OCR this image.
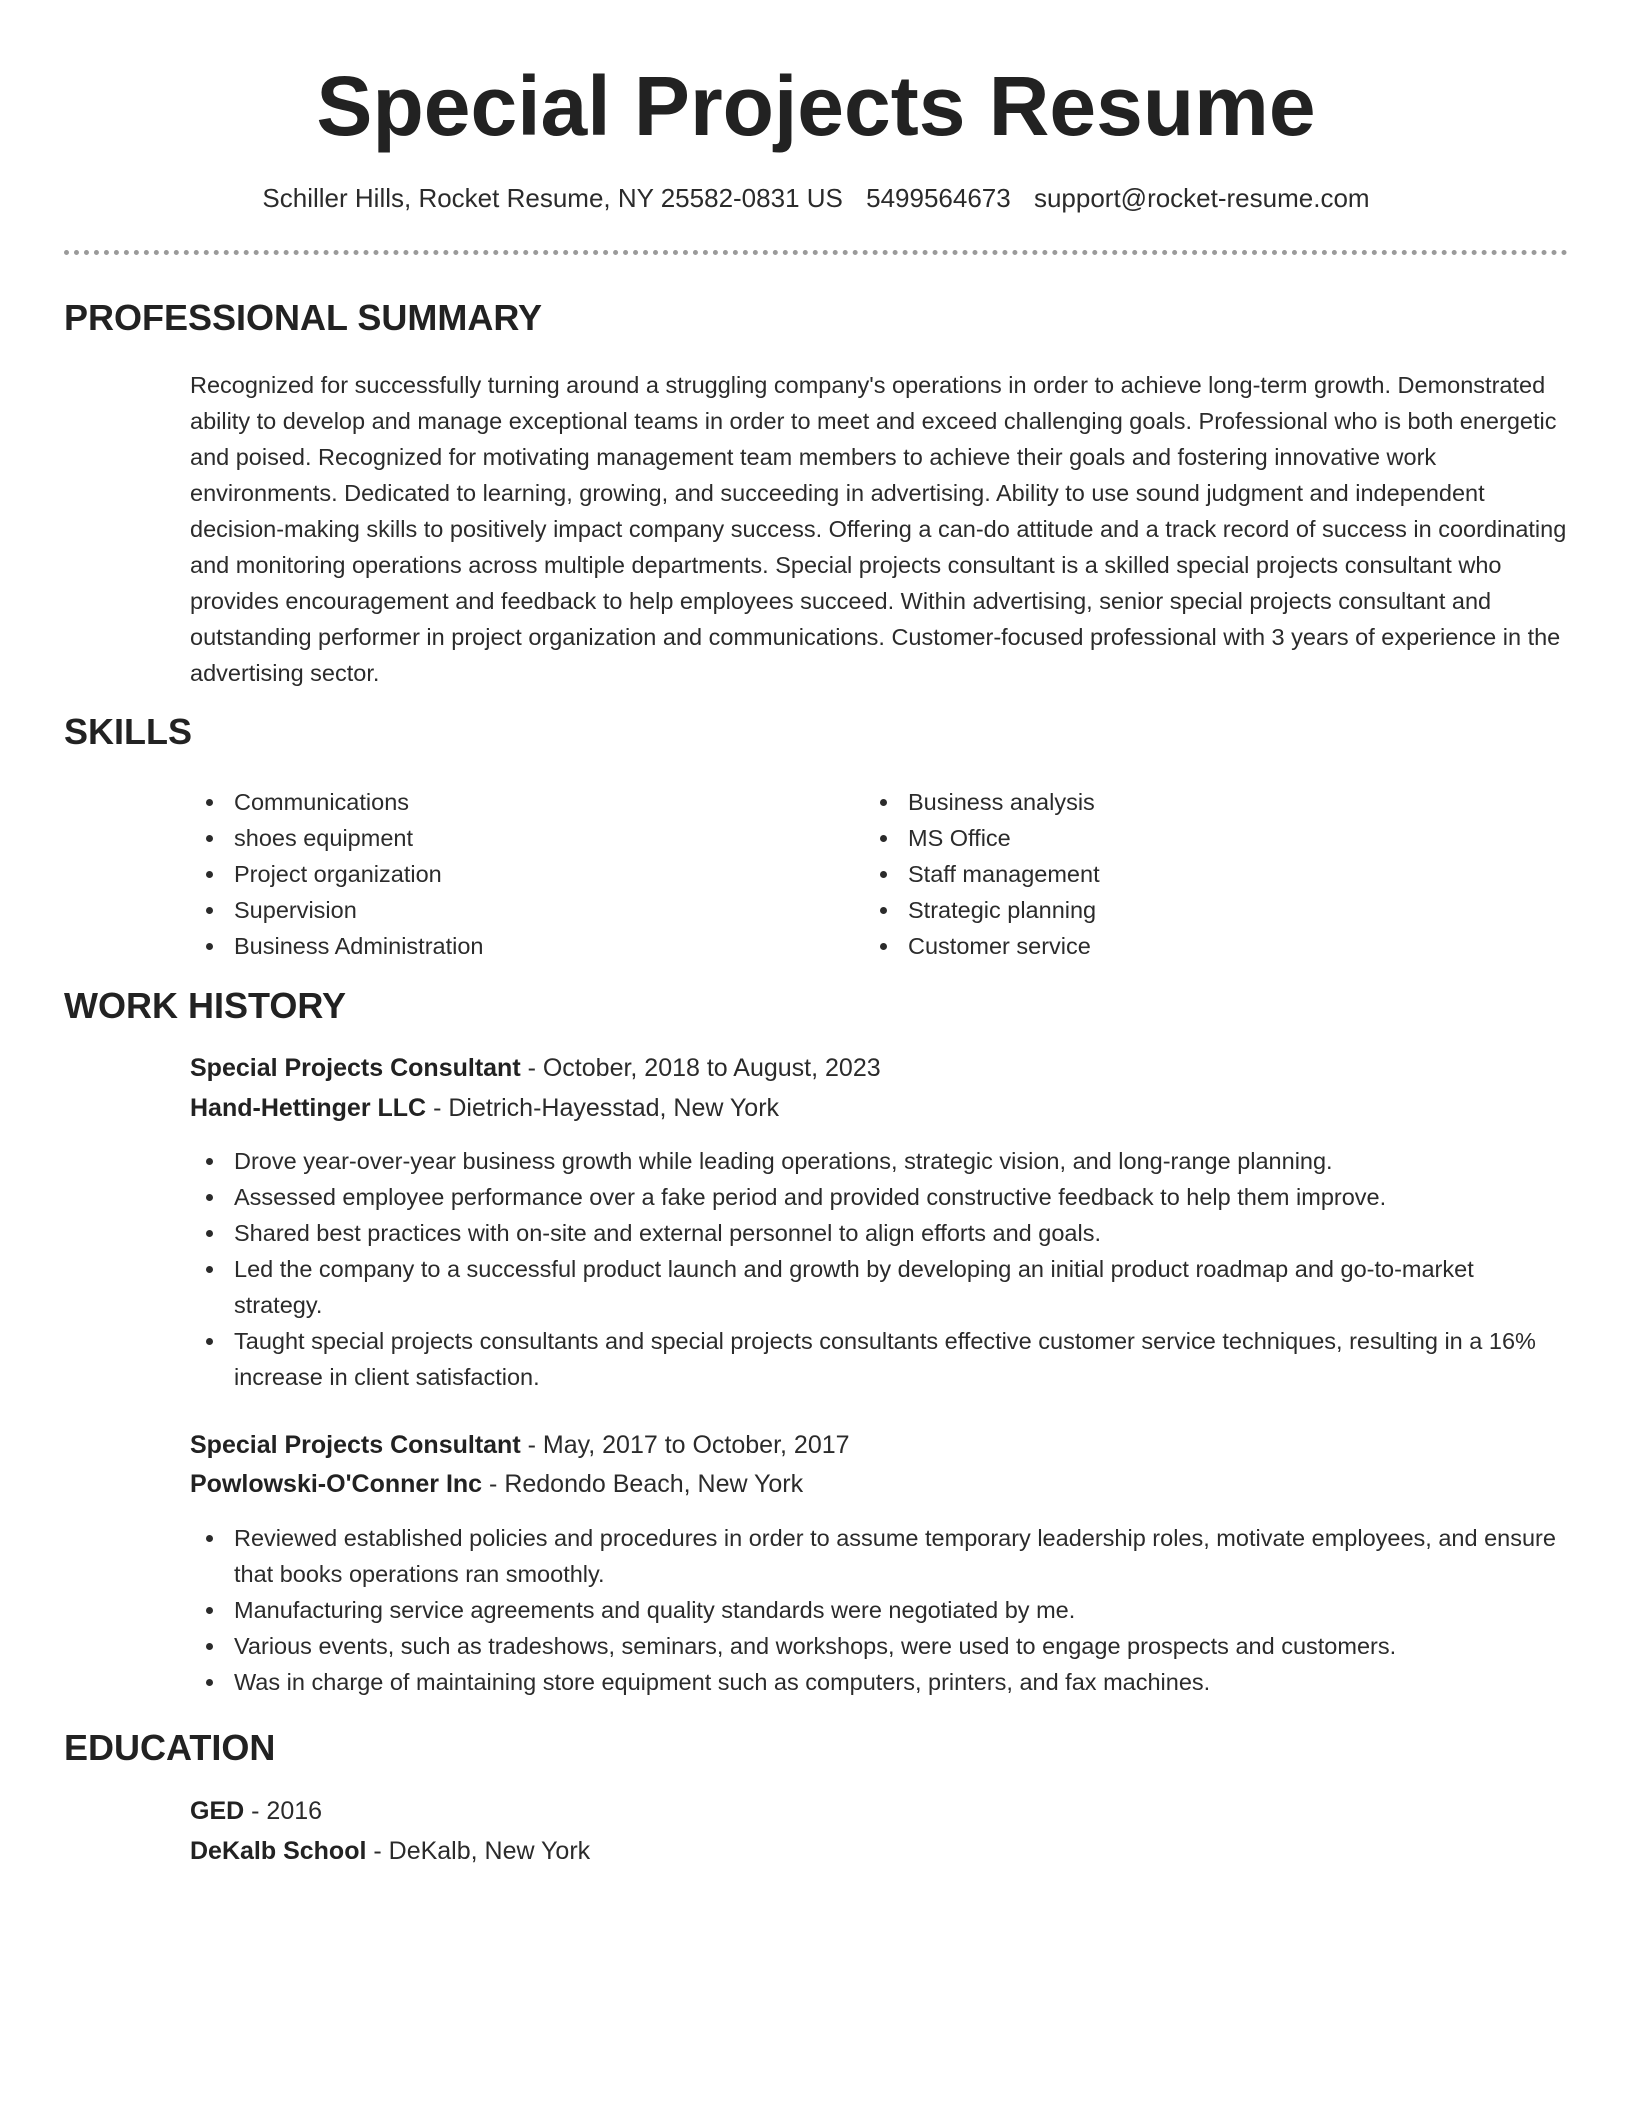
Special Projects Resume
Schiller Hills, Rocket Resume, NY 25582-0831 US 5499564673 support@rocket-resume.com
PROFESSIONAL SUMMARY

Recognized for successfully turning around a struggling company's operations in order to achieve long-term growth. Demonstrated ability to develop and manage exceptional teams in order to meet and exceed challenging goals. Professional who is both energetic and poised. Recognized for motivating management team members to achieve their goals and fostering innovative work environments. Dedicated to learning, growing, and succeeding in advertising. Ability to use sound judgment and independent decision-making skills to positively impact company success. Offering a can-do attitude and a track record of success in coordinating and monitoring operations across multiple departments. Special projects consultant is a skilled special projects consultant who provides encouragement and feedback to help employees succeed. Within advertising, senior special projects consultant and outstanding performer in project organization and communications. Customer-focused professional with 3 years of experience in the advertising sector.

SKILLS
Communications
shoes equipment
Project organization
Supervision
Business Administration
Business analysis
MS Office
Staff management
Strategic planning
Customer service
WORK HISTORY
Special Projects Consultant - October, 2018 to August, 2023
Hand-Hettinger LLC - Dietrich-Hayesstad, New York
Drove year-over-year business growth while leading operations, strategic vision, and long-range planning.
Assessed employee performance over a fake period and provided constructive feedback to help them improve.
Shared best practices with on-site and external personnel to align efforts and goals.
Led the company to a successful product launch and growth by developing an initial product roadmap and go-to-market strategy.
Taught special projects consultants and special projects consultants effective customer service techniques, resulting in a 16% increase in client satisfaction.
Special Projects Consultant - May, 2017 to October, 2017
Powlowski-O'Conner Inc - Redondo Beach, New York
Reviewed established policies and procedures in order to assume temporary leadership roles, motivate employees, and ensure that books operations ran smoothly.
Manufacturing service agreements and quality standards were negotiated by me.
Various events, such as tradeshows, seminars, and workshops, were used to engage prospects and customers.
Was in charge of maintaining store equipment such as computers, printers, and fax machines.
EDUCATION
GED - 2016
DeKalb School - DeKalb, New York
